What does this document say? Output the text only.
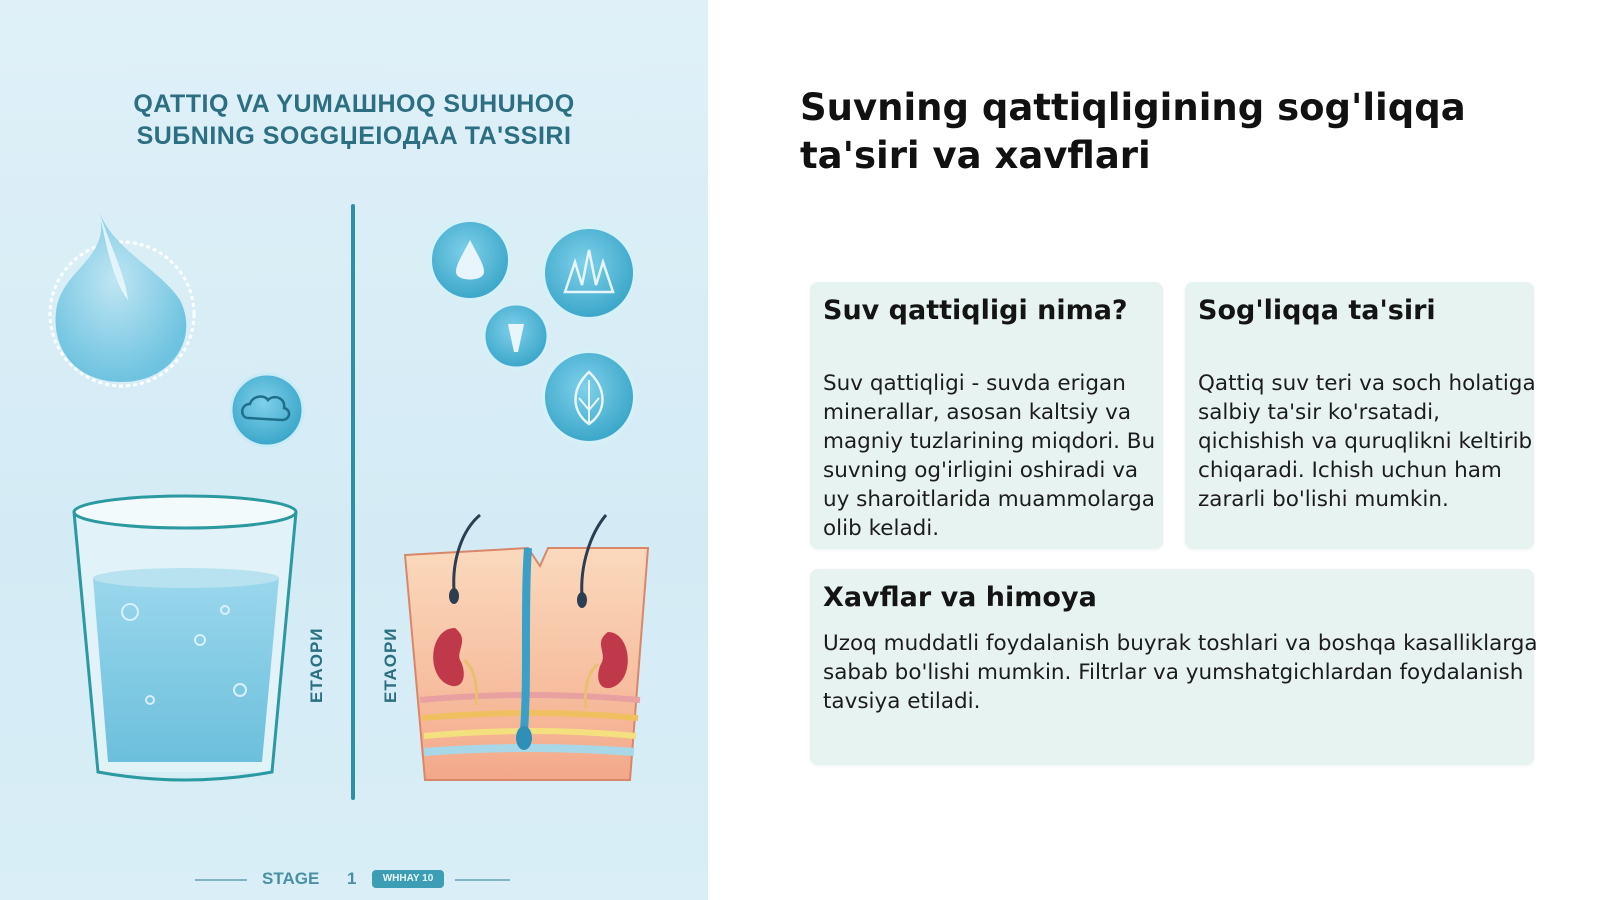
QATTIQ VA YUMAШHOQ SUHUHOQ
SUБNING SOGGЏEIOДAA TA'SSIRI
ETAOPИ	ETAOPИ
STAGE 1	WHHAY 10
Suvning qattiqligining sog'liqqa ta'siri va xavflari
Suv qattiqligi nima?

Suv qattiqligi - suvda erigan minerallar, asosan kaltsiy va magniy tuzlarining miqdori. Bu suvning og'irligini oshiradi va uy sharoitlarida muammolarga olib keladi.

Sog'liqqa ta'siri

Qattiq suv teri va soch holatiga salbiy ta'sir ko'rsatadi, qichishish va quruqlikni keltirib chiqaradi. Ichish uchun ham zararli bo'lishi mumkin.

Xavflar va himoya

Uzoq muddatli foydalanish buyrak toshlari va boshqa kasalliklarga sabab bo'lishi mumkin. Filtrlar va yumshatgichlardan foydalanish tavsiya etiladi.
